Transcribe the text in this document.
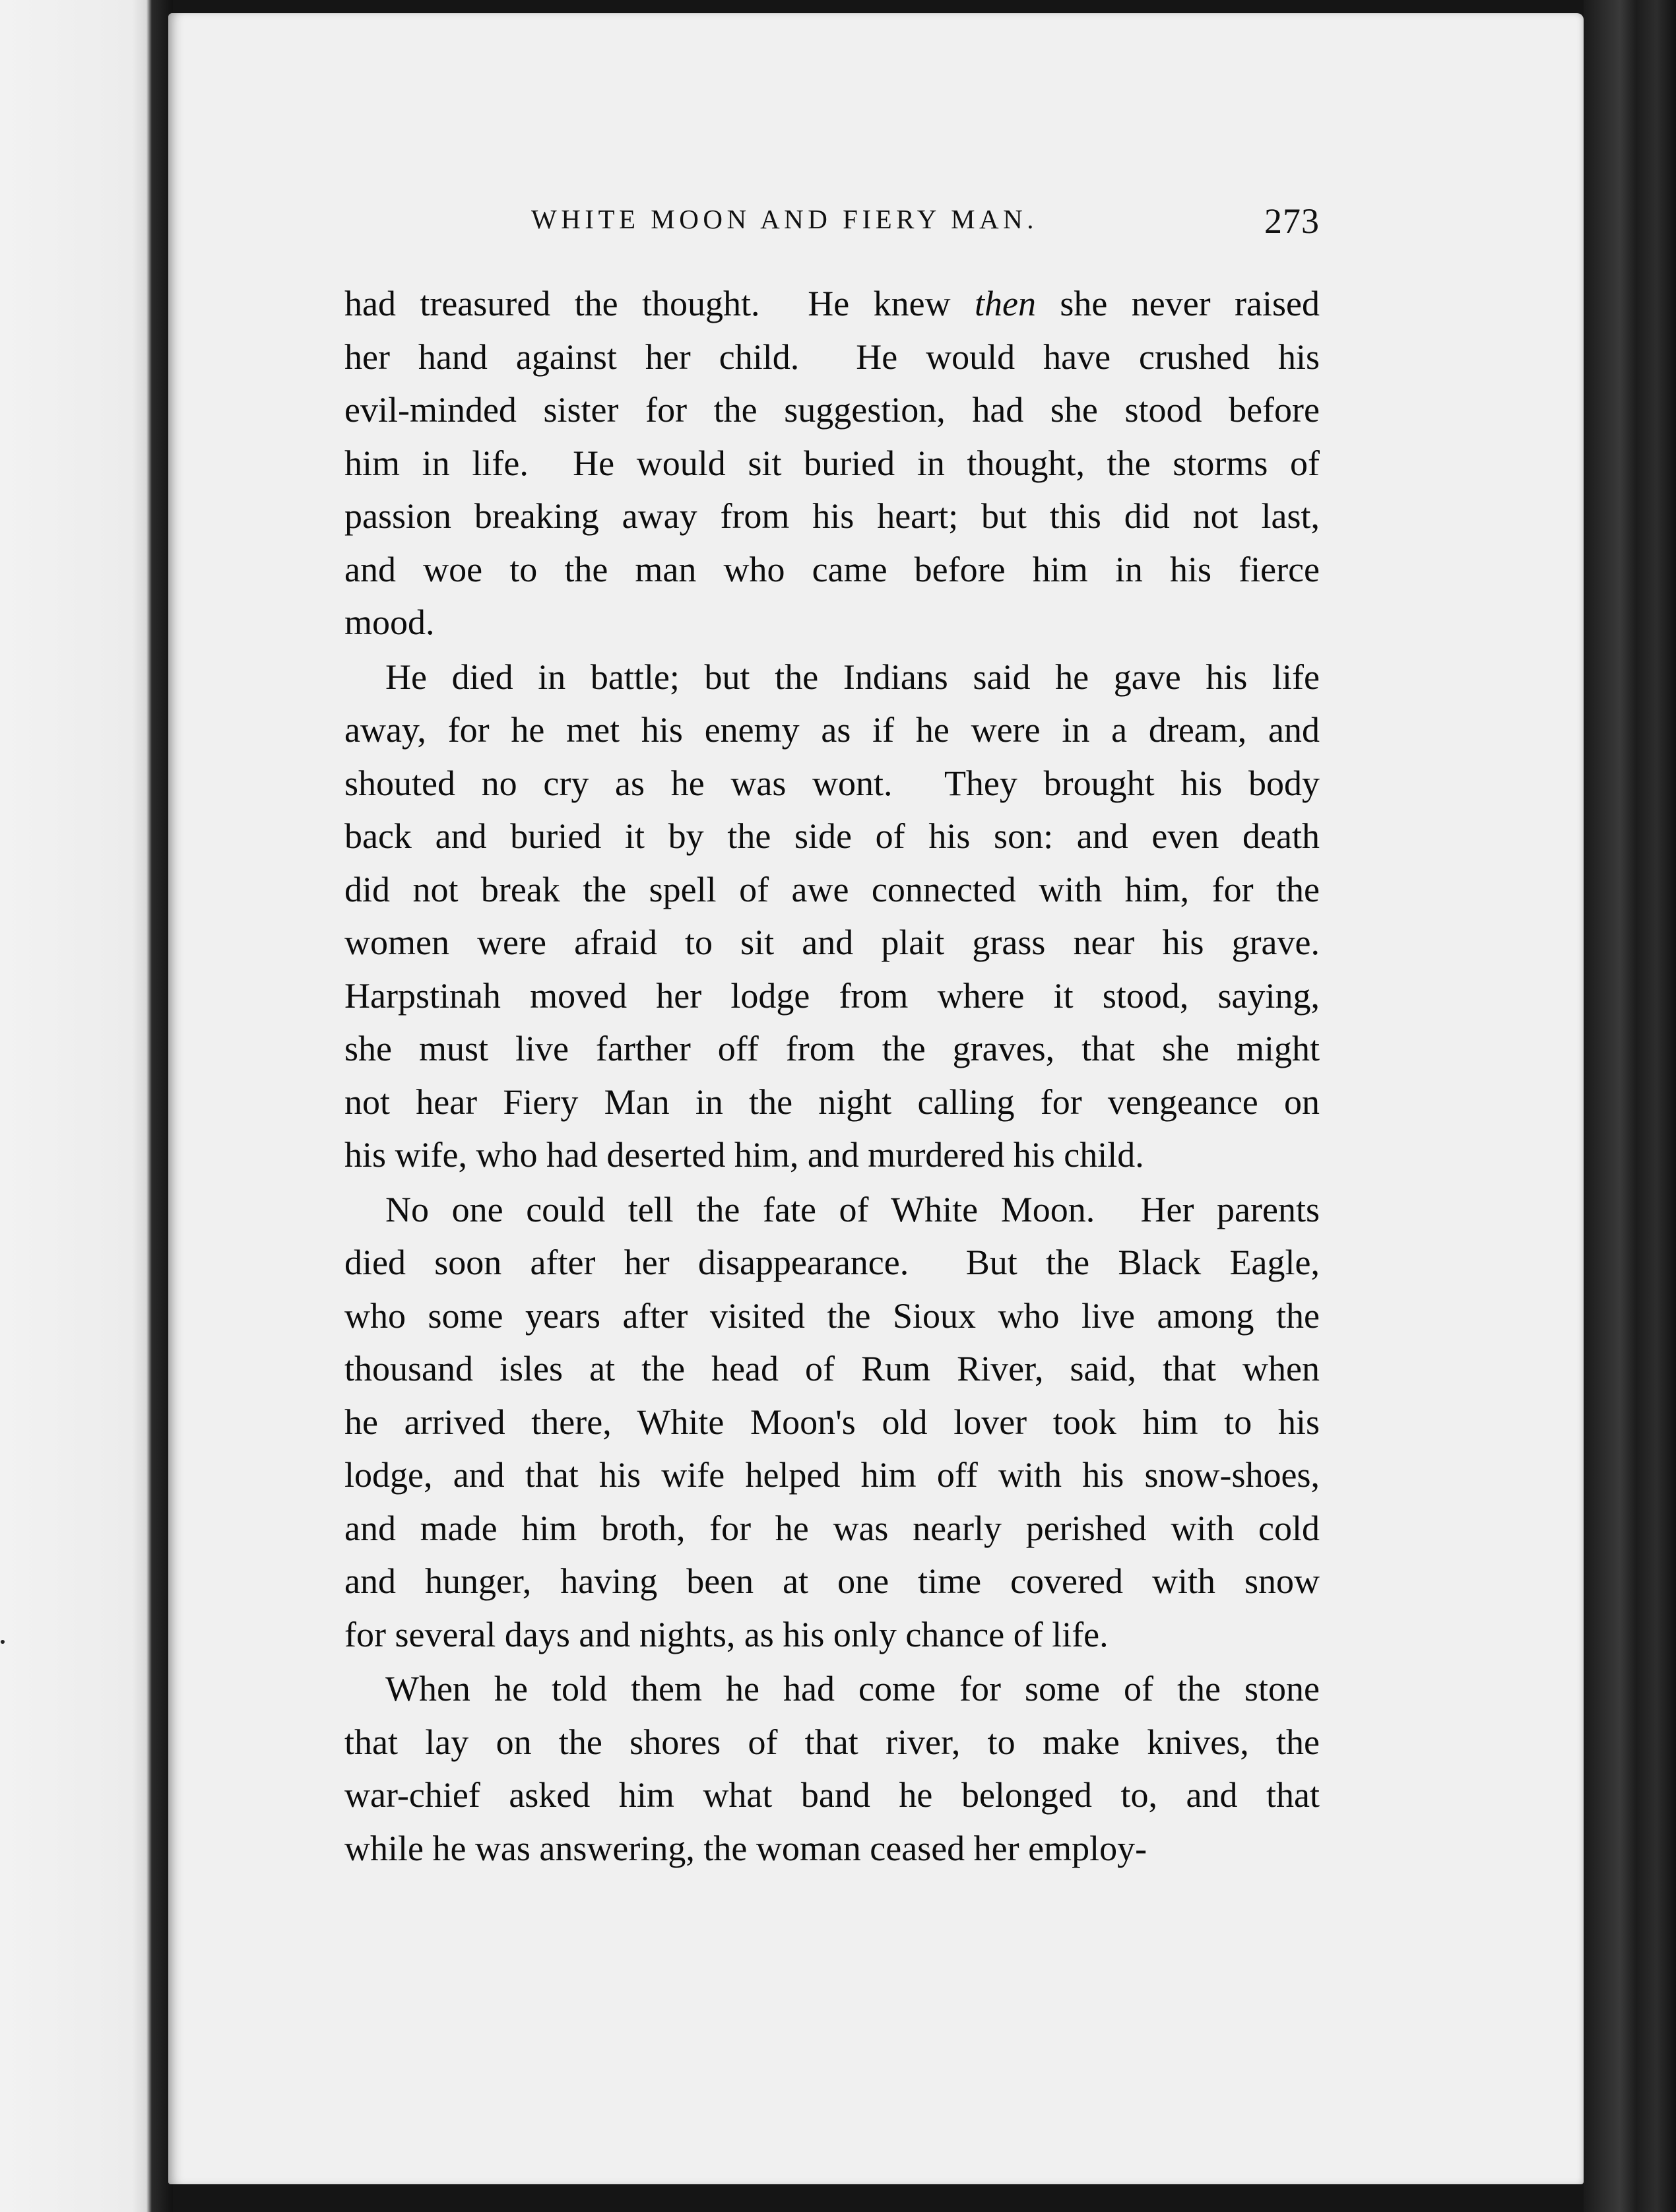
WHITE MOON AND FIERY MAN.	273
had treasured the thought.  He knew then she never raised
her hand against her child.  He would have crushed his
evil-minded sister for the suggestion, had she stood before
him in life.  He would sit buried in thought, the storms of
passion breaking away from his heart; but this did not last,
and woe to the man who came before him in his fierce
mood.
He died in battle; but the Indians said he gave his life
away, for he met his enemy as if he were in a dream, and
shouted no cry as he was wont.  They brought his body
back and buried it by the side of his son: and even death
did not break the spell of awe connected with him, for the
women were afraid to sit and plait grass near his grave.
Harpstinah moved her lodge from where it stood, saying,
she must live farther off from the graves, that she might
not hear Fiery Man in the night calling for vengeance on
his wife, who had deserted him, and murdered his child.
No one could tell the fate of White Moon.  Her parents
died soon after her disappearance.  But the Black Eagle,
who some years after visited the Sioux who live among the
thousand isles at the head of Rum River, said, that when
he arrived there, White Moon's old lover took him to his
lodge, and that his wife helped him off with his snow-shoes,
and made him broth, for he was nearly perished with cold
and hunger, having been at one time covered with snow
for several days and nights, as his only chance of life.
When he told them he had come for some of the stone
that lay on the shores of that river, to make knives, the
war-chief asked him what band he belonged to, and that
while he was answering, the woman ceased her employ-
